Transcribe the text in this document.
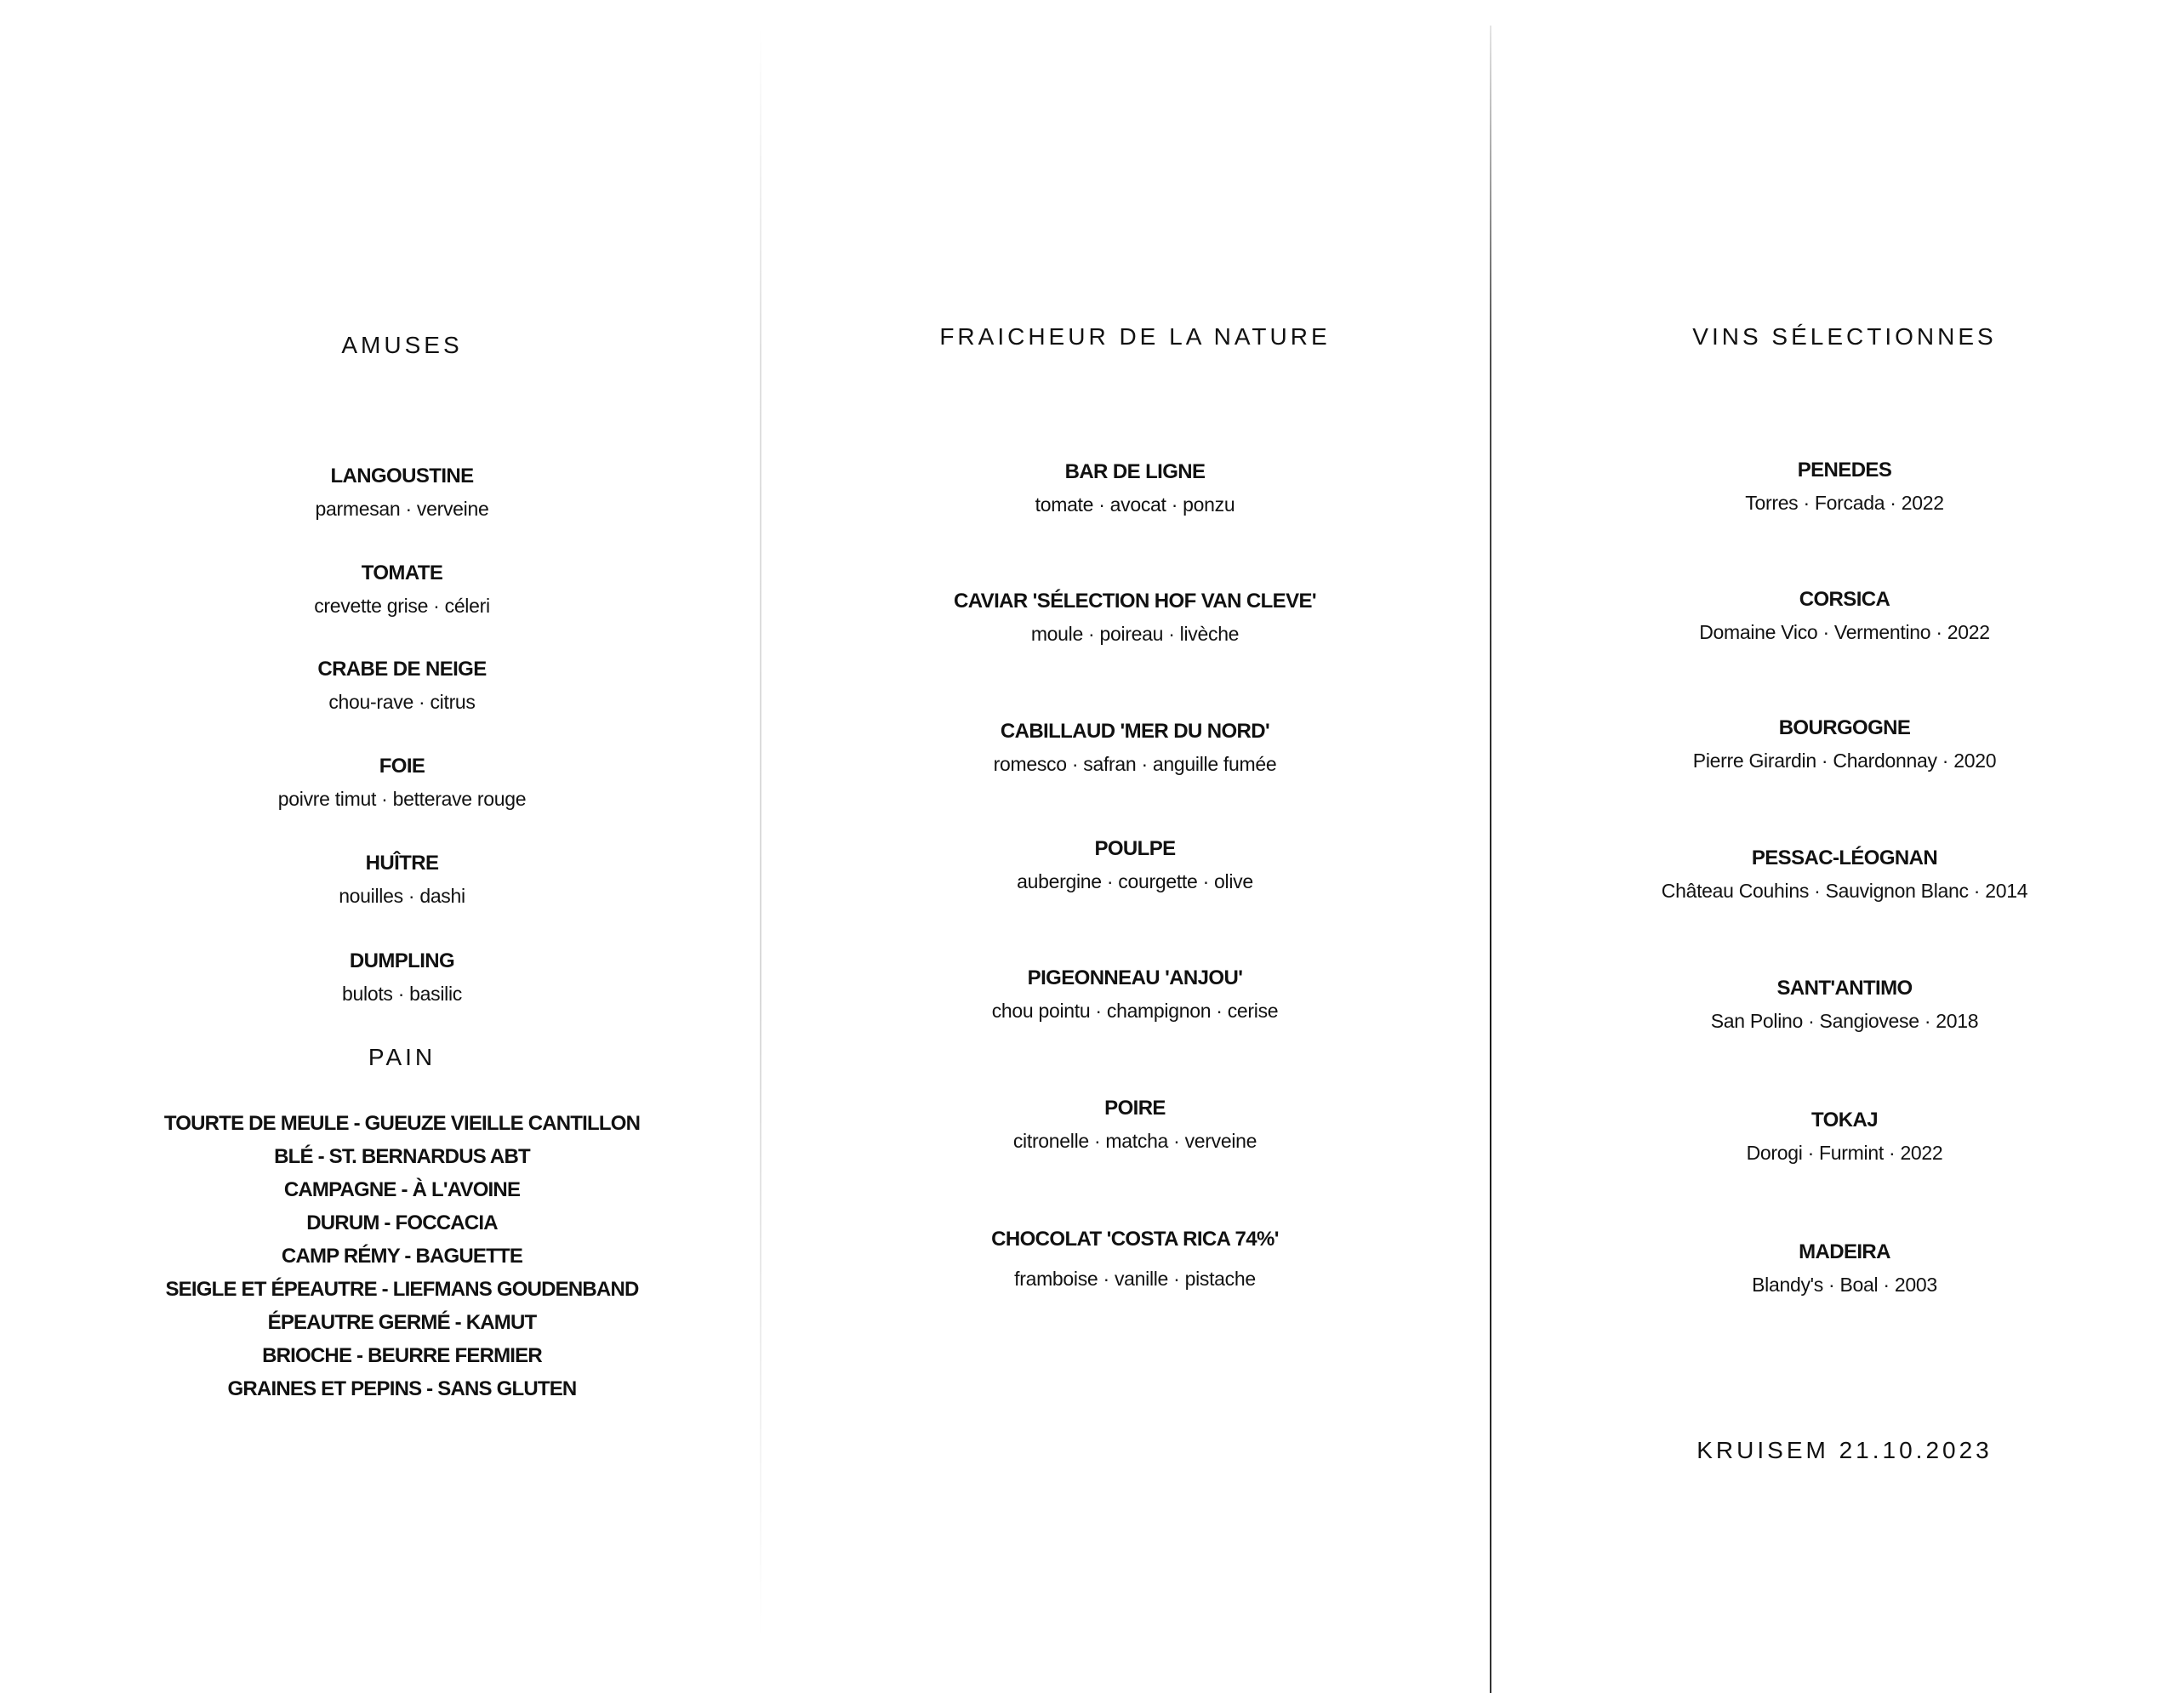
AMUSES
LANGOUSTINE
parmesan · verveine
TOMATE
crevette grise · céleri
CRABE DE NEIGE
chou-rave · citrus
FOIE
poivre timut · betterave rouge
HUÎTRE
nouilles · dashi
DUMPLING
bulots · basilic
PAIN
TOURTE DE MEULE - GUEUZE VIEILLE CANTILLON
BLÉ - ST. BERNARDUS ABT
CAMPAGNE - À L'AVOINE
DURUM - FOCCACIA
CAMP RÉMY - BAGUETTE
SEIGLE ET ÉPEAUTRE - LIEFMANS GOUDENBAND
ÉPEAUTRE GERMÉ - KAMUT
BRIOCHE - BEURRE FERMIER
GRAINES ET PEPINS - SANS GLUTEN
FRAICHEUR DE LA NATURE
BAR DE LIGNE
tomate · avocat · ponzu
CAVIAR 'SÉLECTION HOF VAN CLEVE'
moule · poireau · livèche
CABILLAUD 'MER DU NORD'
romesco · safran · anguille fumée
POULPE
aubergine · courgette · olive
PIGEONNEAU 'ANJOU'
chou pointu · champignon · cerise
POIRE
citronelle · matcha · verveine
CHOCOLAT 'COSTA RICA 74%'
framboise · vanille · pistache
VINS SÉLECTIONNES
PENEDES
Torres · Forcada · 2022
CORSICA
Domaine Vico · Vermentino · 2022
BOURGOGNE
Pierre Girardin · Chardonnay · 2020
PESSAC-LÉOGNAN
Château Couhins · Sauvignon Blanc · 2014
SANT'ANTIMO
San Polino · Sangiovese · 2018
TOKAJ
Dorogi · Furmint · 2022
MADEIRA
Blandy's · Boal · 2003
KRUISEM 21.10.2023
